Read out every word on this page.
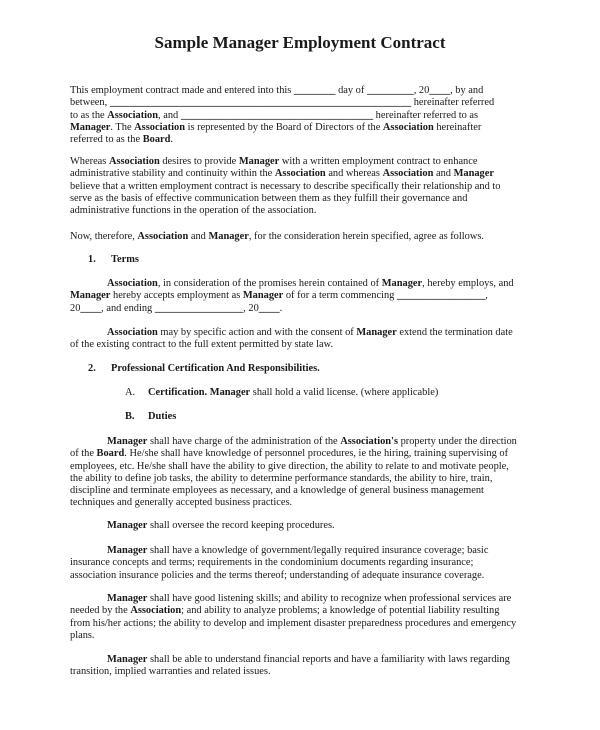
Sample Manager Employment Contract
This employment contract made and entered into this ________ day of _________, 20____, by and
between, __________________________________________________________ hereinafter referred
to as the Association, and _____________________________________ hereinafter referred to as
Manager. The Association is represented by the Board of Directors of the Association hereinafter
referred to as the Board.
Whereas Association desires to provide Manager with a written employment contract to enhance
administrative stability and continuity within the Association and whereas Association and Manager
believe that a written employment contract is necessary to describe specifically their relationship and to
serve as the basis of effective communication between them as they fulfill their governance and
administrative functions in the operation of the association.
Now, therefore, Association and Manager, for the consideration herein specified, agree as follows.
1. Terms
Association, in consideration of the promises herein contained of Manager, hereby employs, and
Manager hereby accepts employment as Manager of for a term commencing _________________,
20____, and ending _________________, 20____.
Association may by specific action and with the consent of Manager extend the termination date
of the existing contract to the full extent permitted by state law.
2. Professional Certification And Responsibilities.
A. Certification. Manager shall hold a valid license. (where applicable)
B. Duties
Manager shall have charge of the administration of the Association's property under the direction
of the Board. He/she shall have knowledge of personnel procedures, ie the hiring, training supervising of
employees, etc. He/she shall have the ability to give direction, the ability to relate to and motivate people,
the ability to define job tasks, the ability to determine performance standards, the ability to hire, train,
discipline and terminate employees as necessary, and a knowledge of general business management
techniques and generally accepted business practices.
Manager shall oversee the record keeping procedures.
Manager shall have a knowledge of government/legally required insurance coverage; basic
insurance concepts and terms; requirements in the condominium documents regarding insurance;
association insurance policies and the terms thereof; understanding of adequate insurance coverage.
Manager shall have good listening skills; and ability to recognize when professional services are
needed by the Association; and ability to analyze problems; a knowledge of potential liability resulting
from his/her actions; the ability to develop and implement disaster preparedness procedures and emergency
plans.
Manager shall be able to understand financial reports and have a familiarity with laws regarding
transition, implied warranties and related issues.
